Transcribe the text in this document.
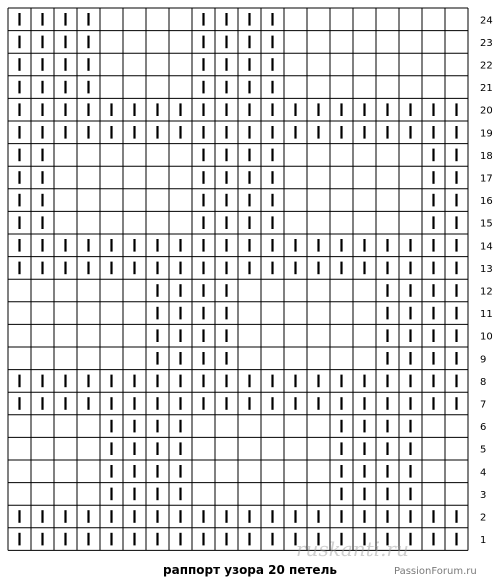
24
23
22
21
20
19
18
17
16
15
14
13
12
11
10
9
8
7
6
5
4
3
2
1
раппорт узора 20 петель
ruskanti.ru
PassionForum.ru
